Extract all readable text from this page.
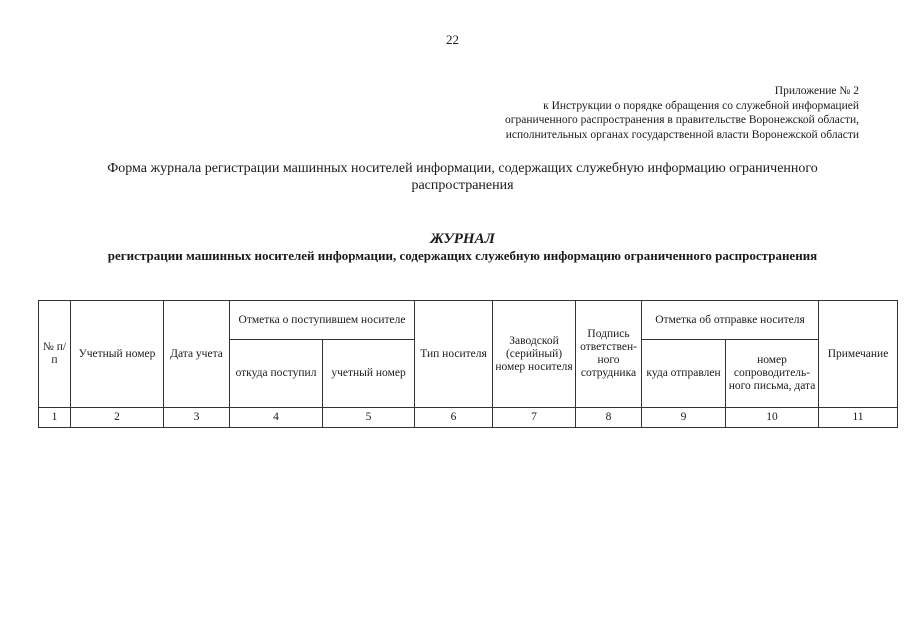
22
Приложение № 2
к Инструкции о порядке обращения со служебной информацией
ограниченного распространения в правительстве Воронежской области,
исполнительных органах государственной власти Воронежской области
Форма журнала регистрации машинных носителей информации, содержащих служебную информацию ограниченного распространения
ЖУРНАЛ
регистрации машинных носителей информации, содержащих служебную информацию ограниченного распространения
№ п/п	Учетный номер	Дата учета	Отметка о поступившем носителе		Тип носителя	Заводской (серийный) номер носителя	Подпись ответствен-ного сотрудника	Отметка об отправке носителя		Примечание
			откуда поступил	учетный номер				куда отправлен	номер сопроводитель-ного письма, дата	
1	2	3	4	5	6	7	8	9	10	11
